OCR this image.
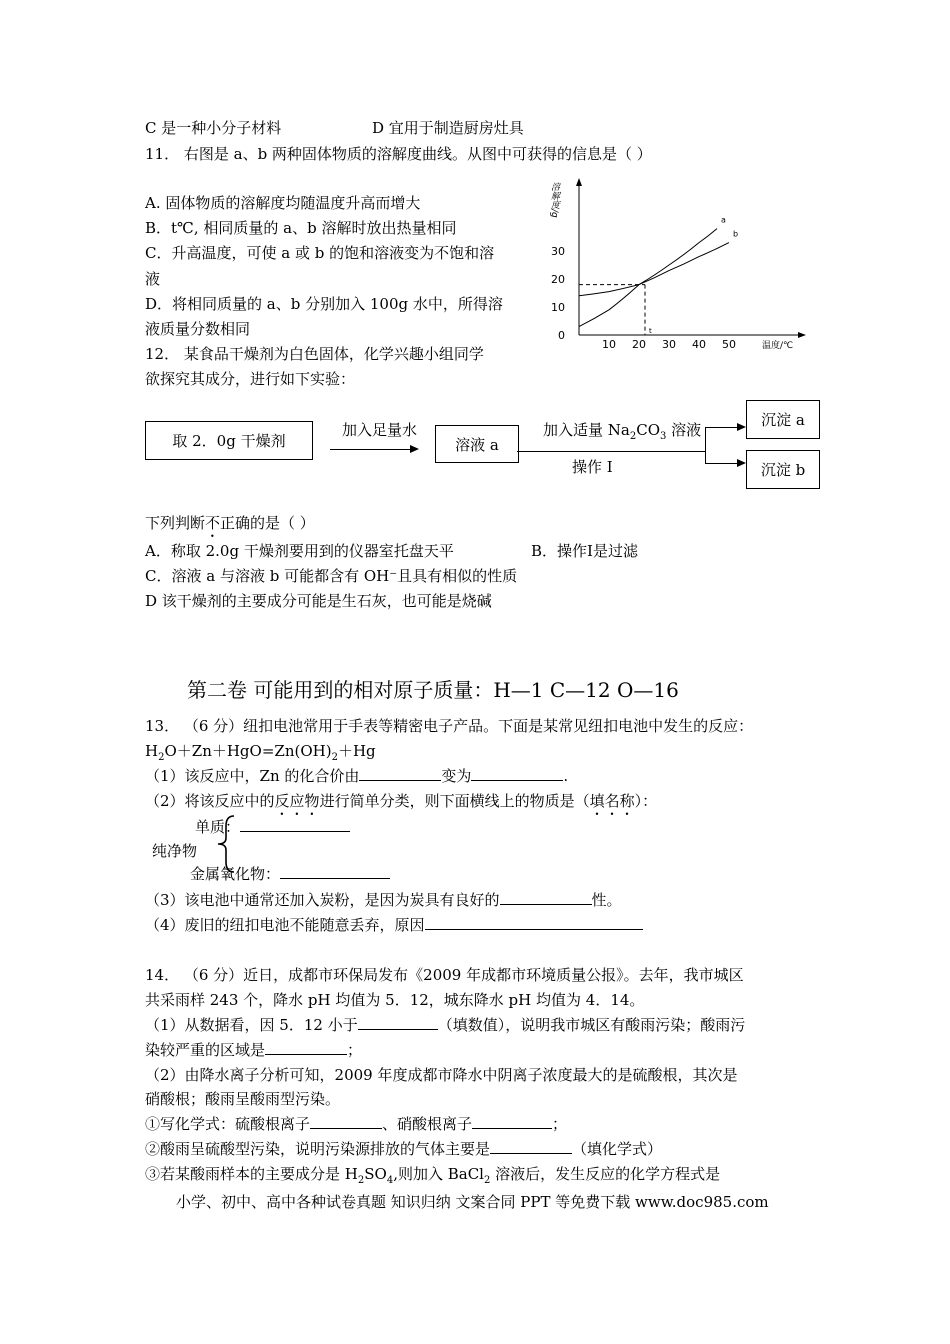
C 是一种小分子材料	D 宜用于制造厨房灶具
11． 右图是 a、b 两种固体物质的溶解度曲线。从图中可获得的信息是（ ）
A. 固体物质的溶解度均随温度升高而增大
B．t℃, 相同质量的 a、b 溶解时放出热量相同
C．升高温度，可使 a 或 b 的饱和溶液变为不饱和溶
液
D．将相同质量的 a、b 分别加入 100g 水中，所得溶
液质量分数相同
溶解度/g
温度/℃
10 20 30 40 50
0
10
20
30
t
a
b
12． 某食品干燥剂为白色固体，化学兴趣小组同学
欲探究其成分，进行如下实验：
取 2．0g 干燥剂
加入足量水
溶液 a
加入适量 $Na_2CO_3$ 溶液
操作 I
沉淀 a
沉淀 b
下列判断不正确的是（ ）
A．称取 2.0g 干燥剂要用到的仪器室托盘天平	B．操作Ⅰ是过滤
C．溶液 a 与溶液 b 可能都含有 OH⁻且具有相似的性质
D 该干燥剂的主要成分可能是生石灰，也可能是烧碱
第二卷 可能用到的相对原子质量：H—1 C—12 O—16
13． （6 分）纽扣电池常用于手表等精密电子产品。下面是某常见纽扣电池中发生的反应：
$H_2O+Zn+HgO=Zn(OH)_2+Hg$
（1）该反应中，Zn 的化合价由	变为	.
（2）将该反应中的反应物进行简单分类，则下面横线上的物质是（填名称）：
单质：
纯净物
金属氧化物：
（3）该电池中通常还加入炭粉，是因为炭具有良好的	性。
（4）废旧的纽扣电池不能随意丢弃，原因
14． （6 分）近日，成都市环保局发布《2009 年成都市环境质量公报》。去年，我市城区
共采雨样 243 个，降水 pH 均值为 5．12，城东降水 pH 均值为 4．14。
（1）从数据看，因 5．12 小于	（填数值），说明我市城区有酸雨污染；酸雨污
染较严重的区域是	；
（2）由降水离子分析可知，2009 年度成都市降水中阴离子浓度最大的是硫酸根，其次是
硝酸根；酸雨呈酸雨型污染。
①写化学式：硫酸根离子	、硝酸根离子	；
②酸雨呈硫酸型污染，说明污染源排放的气体主要是	（填化学式）
③若某酸雨样本的主要成分是 $H_2SO_4$,则加入 BaCl$_2$ 溶液后，发生反应的化学方程式是
小学、初中、高中各种试卷真题 知识归纳 文案合同 PPT 等免费下载 www.doc985.com
